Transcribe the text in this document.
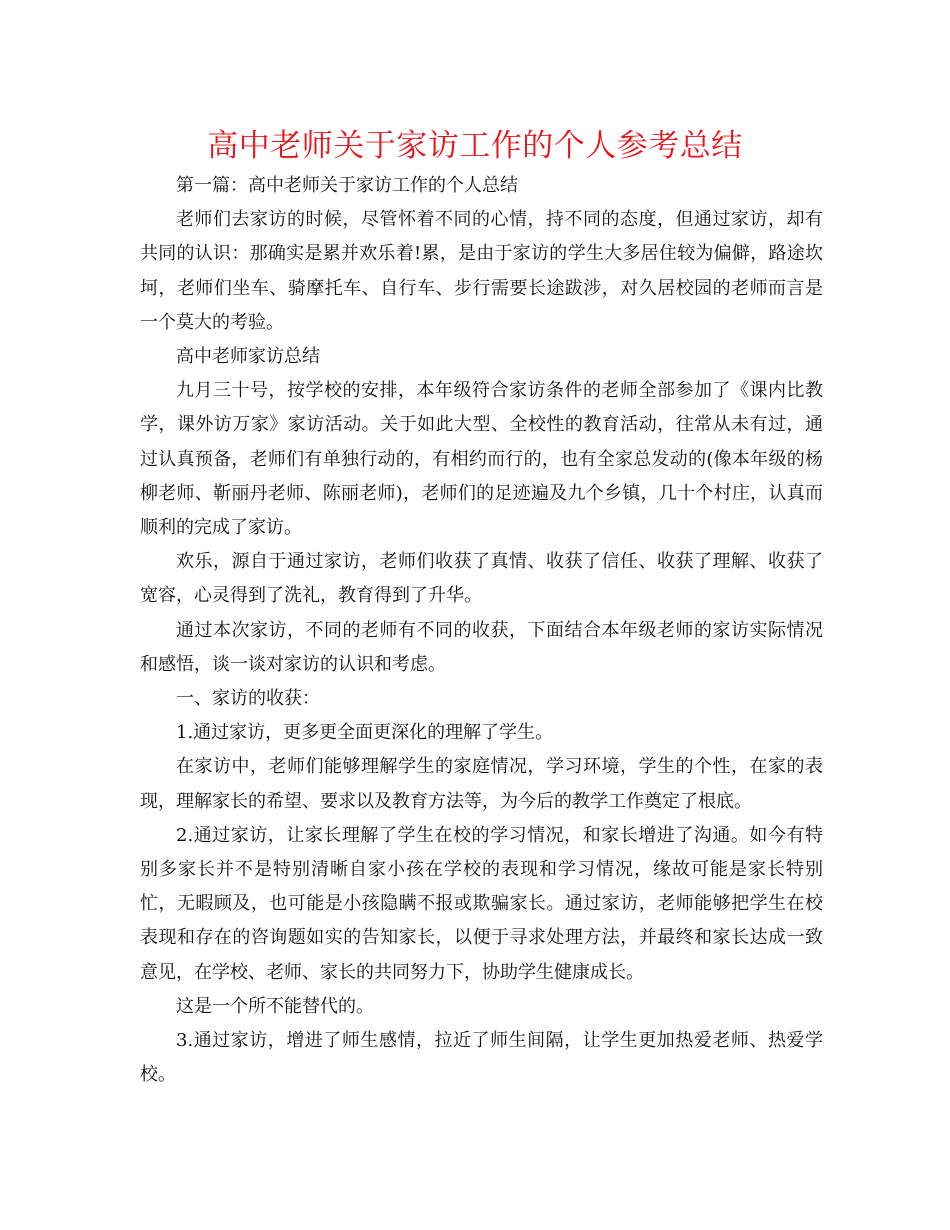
高中老师关于家访工作的个人参考总结

第一篇：高中老师关于家访工作的个人总结

老师们去家访的时候，尽管怀着不同的心情，持不同的态度，但通过家访，却有共同的认识：那确实是累并欢乐着!累，是由于家访的学生大多居住较为偏僻，路途坎坷，老师们坐车、骑摩托车、自行车、步行需要长途跋涉，对久居校园的老师而言是一个莫大的考验。

高中老师家访总结

九月三十号，按学校的安排，本年级符合家访条件的老师全部参加了《课内比教学，课外访万家》家访活动。关于如此大型、全校性的教育活动，往常从未有过，通过认真预备，老师们有单独行动的，有相约而行的，也有全家总发动的(像本年级的杨柳老师、靳丽丹老师、陈丽老师)，老师们的足迹遍及九个乡镇，几十个村庄，认真而顺利的完成了家访。

欢乐，源自于通过家访，老师们收获了真情、收获了信任、收获了理解、收获了宽容，心灵得到了洗礼，教育得到了升华。

通过本次家访，不同的老师有不同的收获，下面结合本年级老师的家访实际情况和感悟，谈一谈对家访的认识和考虑。

一、家访的收获：

1.通过家访，更多更全面更深化的理解了学生。

在家访中，老师们能够理解学生的家庭情况，学习环境，学生的个性，在家的表现，理解家长的希望、要求以及教育方法等，为今后的教学工作奠定了根底。

2.通过家访，让家长理解了学生在校的学习情况，和家长增进了沟通。如今有特别多家长并不是特别清晰自家小孩在学校的表现和学习情况，缘故可能是家长特别忙，无暇顾及，也可能是小孩隐瞒不报或欺骗家长。通过家访，老师能够把学生在校表现和存在的咨询题如实的告知家长，以便于寻求处理方法，并最终和家长达成一致意见，在学校、老师、家长的共同努力下，协助学生健康成长。

这是一个所不能替代的。

3.通过家访，增进了师生感情，拉近了师生间隔，让学生更加热爱老师、热爱学校。
